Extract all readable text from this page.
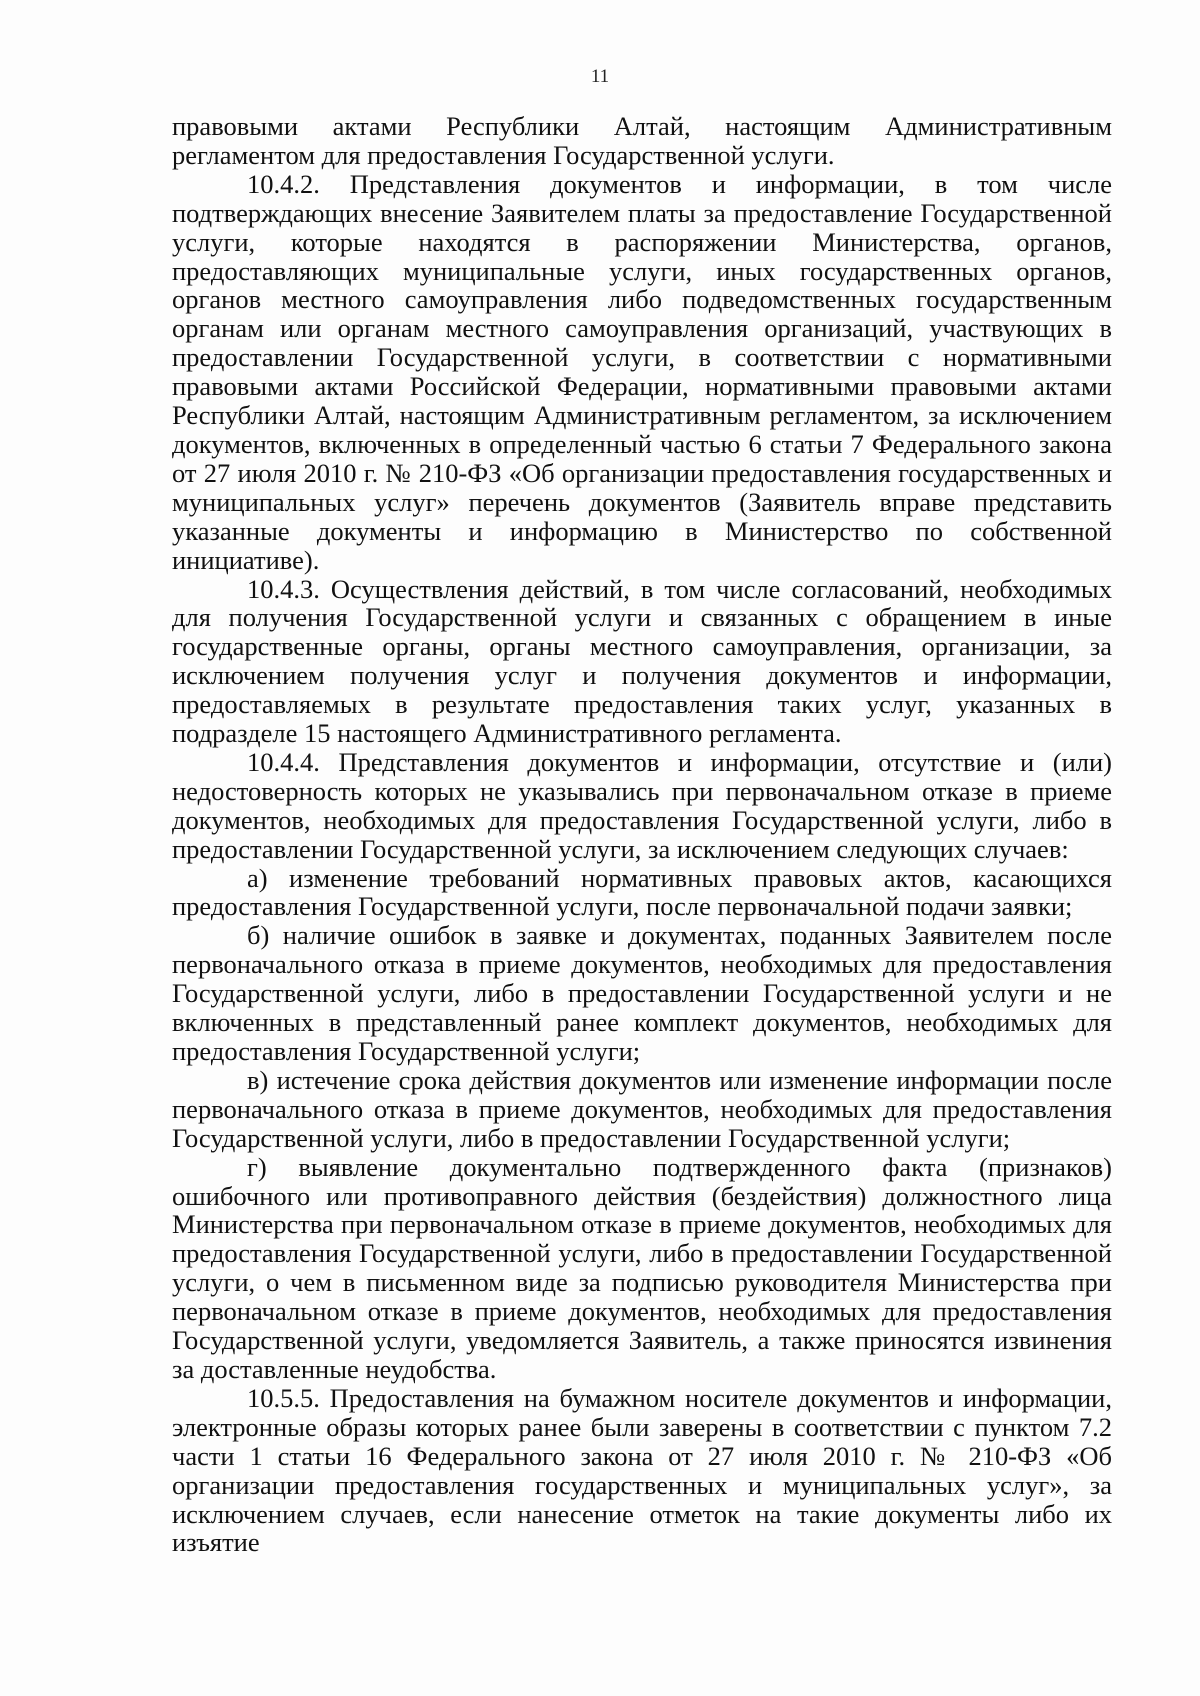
11

правовыми актами Республики Алтай, настоящим Административным регламентом для предоставления Государственной услуги.

10.4.2. Представления документов и информации, в том числе подтверждающих внесение Заявителем платы за предоставление Государственной услуги, которые находятся в распоряжении Министерства, органов, предоставляющих муниципальные услуги, иных государственных органов, органов местного самоуправления либо подведомственных государственным органам или органам местного самоуправления организаций, участвующих в предоставлении Государственной услуги, в соответствии с нормативными правовыми актами Российской Федерации, нормативными правовыми актами Республики Алтай, настоящим Административным регламентом, за исключением документов, включенных в определенный частью 6 статьи 7 Федерального закона от 27 июля 2010 г. № 210-ФЗ «Об организации предоставления государственных и муниципальных услуг» перечень документов (Заявитель вправе представить указанные документы и информацию в Министерство по собственной инициативе).

10.4.3. Осуществления действий, в том числе согласований, необходимых для получения Государственной услуги и связанных с обращением в иные государственные органы, органы местного самоуправления, организации, за исключением получения услуг и получения документов и информации, предоставляемых в результате предоставления таких услуг, указанных в подразделе 15 настоящего Административного регламента.

10.4.4. Представления документов и информации, отсутствие и (или) недостоверность которых не указывались при первоначальном отказе в приеме документов, необходимых для предоставления Государственной услуги, либо в предоставлении Государственной услуги, за исключением следующих случаев:

а) изменение требований нормативных правовых актов, касающихся предоставления Государственной услуги, после первоначальной подачи заявки;

б) наличие ошибок в заявке и документах, поданных Заявителем после первоначального отказа в приеме документов, необходимых для предоставления Государственной услуги, либо в предоставлении Государственной услуги и не включенных в представленный ранее комплект документов, необходимых для предоставления Государственной услуги;

в) истечение срока действия документов или изменение информации после первоначального отказа в приеме документов, необходимых для предоставления Государственной услуги, либо в предоставлении Государственной услуги;

г) выявление документально подтвержденного факта (признаков) ошибочного или противоправного действия (бездействия) должностного лица Министерства при первоначальном отказе в приеме документов, необходимых для предоставления Государственной услуги, либо в предоставлении Государственной услуги, о чем в письменном виде за подписью руководителя Министерства при первоначальном отказе в приеме документов, необходимых для предоставления Государственной услуги, уведомляется Заявитель, а также приносятся извинения за доставленные неудобства.

10.5.5. Предоставления на бумажном носителе документов и информации, электронные образы которых ранее были заверены в соответствии с пунктом 7.2 части 1 статьи 16 Федерального закона от 27 июля 2010 г. № 210-ФЗ «Об организации предоставления государственных и муниципальных услуг», за исключением случаев, если нанесение отметок на такие документы либо их изъятие
